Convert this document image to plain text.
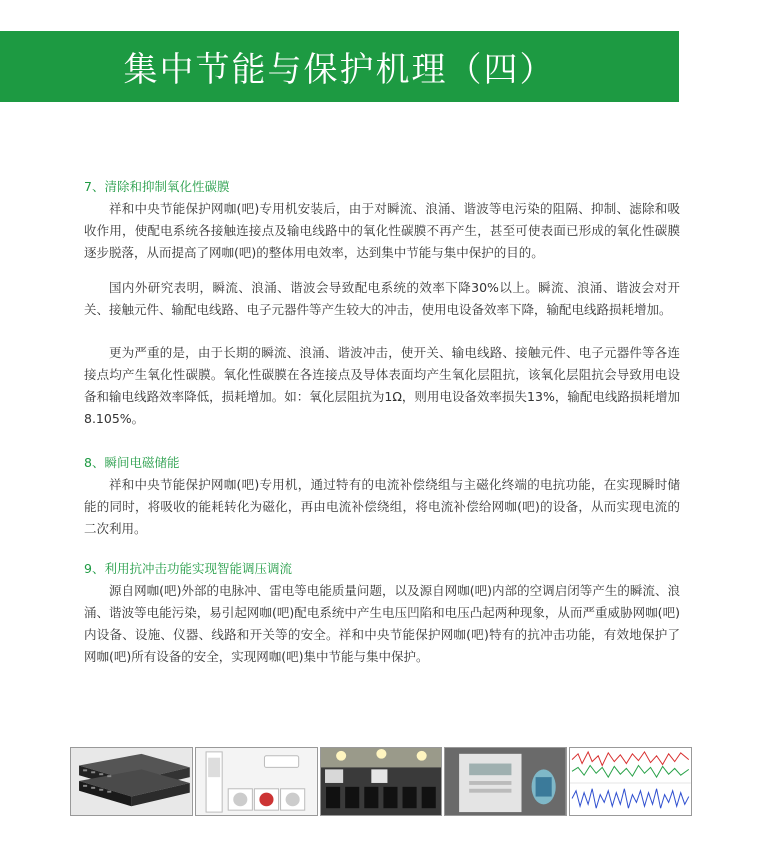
集中节能与保护机理（四）
7、清除和抑制氧化性碳膜

祥和中央节能保护网咖(吧)专用机安装后，由于对瞬流、浪涌、谐波等电污染的阻隔、抑制、滤除和吸收作用，使配电系统各接触连接点及输电线路中的氧化性碳膜不再产生，甚至可使表面已形成的氧化性碳膜逐步脱落，从而提高了网咖(吧)的整体用电效率，达到集中节能与集中保护的目的。

国内外研究表明，瞬流、浪涌、谐波会导致配电系统的效率下降30%以上。瞬流、浪涌、谐波会对开关、接触元件、输配电线路、电子元器件等产生较大的冲击，使用电设备效率下降，输配电线路损耗增加。

更为严重的是，由于长期的瞬流、浪涌、谐波冲击，使开关、输电线路、接触元件、电子元器件等各连接点均产生氧化性碳膜。氧化性碳膜在各连接点及导体表面均产生氧化层阻抗，该氧化层阻抗会导致用电设备和输电线路效率降低，损耗增加。如：氧化层阻抗为1Ω，则用电设备效率损失13%，输配电线路损耗增加8.105%。

8、瞬间电磁储能

祥和中央节能保护网咖(吧)专用机，通过特有的电流补偿绕组与主磁化终端的电抗功能，在实现瞬时储能的同时，将吸收的能耗转化为磁化，再由电流补偿绕组，将电流补偿给网咖(吧)的设备，从而实现电流的二次利用。

9、利用抗冲击功能实现智能调压调流

源自网咖(吧)外部的电脉冲、雷电等电能质量问题，以及源自网咖(吧)内部的空调启闭等产生的瞬流、浪涌、谐波等电能污染，易引起网咖(吧)配电系统中产生电压凹陷和电压凸起两种现象，从而严重威胁网咖(吧)内设备、设施、仪器、线路和开关等的安全。祥和中央节能保护网咖(吧)特有的抗冲击功能，有效地保护了网咖(吧)所有设备的安全，实现网咖(吧)集中节能与集中保护。
